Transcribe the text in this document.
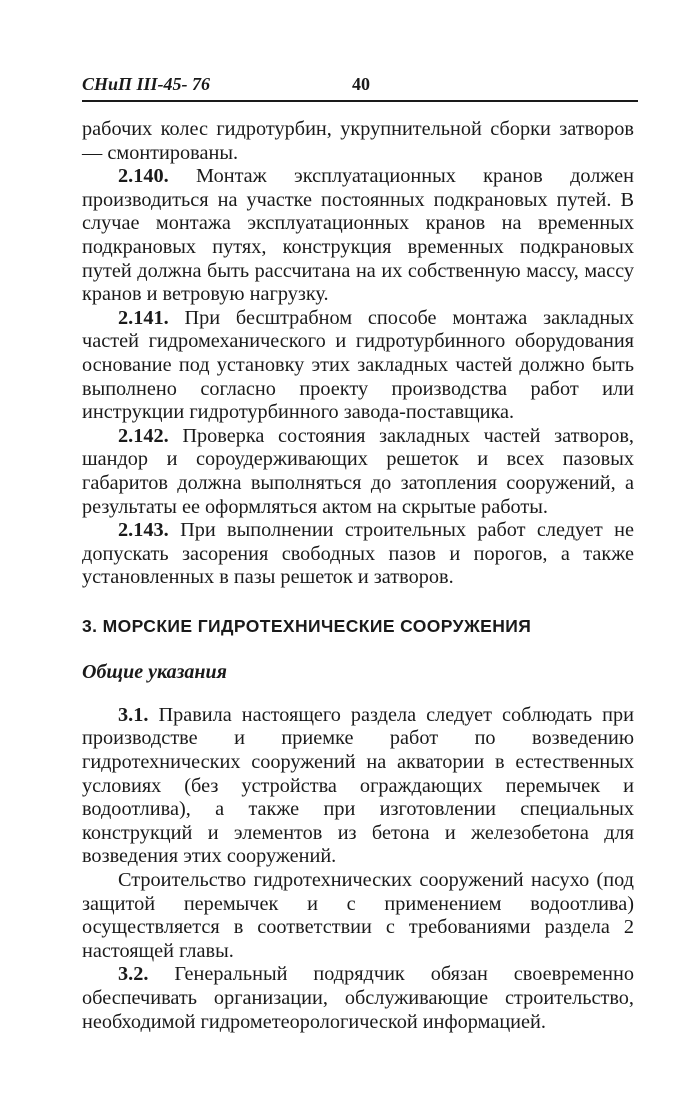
СНиП III-45- 76	40

рабочих колес гидротурбин, укрупнительной сборки затворов — смонтированы.

2.140. Монтаж эксплуатационных кранов должен производиться на участке постоянных подкрановых путей. В случае монтажа эксплуатационных кранов на временных подкрановых путях, конструкция временных подкрановых путей должна быть рассчитана на их собственную массу, массу кранов и ветровую нагрузку.

2.141. При бесштрабном способе монтажа закладных частей гидромеханического и гидротурбинного оборудования основание под установку этих закладных частей должно быть выполнено согласно проекту производства работ или инструкции гидротурбинного завода-поставщика.

2.142. Проверка состояния закладных частей затворов, шандор и сороудерживающих решеток и всех пазовых габаритов должна выполняться до затопления сооружений, а результаты ее оформляться актом на скрытые работы.

2.143. При выполнении строительных работ следует не допускать засорения свободных пазов и порогов, а также установленных в пазы решеток и затворов.

3. МОРСКИЕ ГИДРОТЕХНИЧЕСКИЕ СООРУЖЕНИЯ
Общие указания

3.1. Правила настоящего раздела следует соблюдать при производстве и приемке работ по возведению гидротехнических сооружений на акватории в естественных условиях (без устройства ограждающих перемычек и водоотлива), а также при изготовлении специальных конструкций и элементов из бетона и железобетона для возведения этих сооружений.

Строительство гидротехнических сооружений насухо (под защитой перемычек и с применением водоотлива) осуществляется в соответствии с требованиями раздела 2 настоящей главы.

3.2. Генеральный подрядчик обязан своевременно обеспечивать организации, обслуживающие строительство, необходимой гидрометеорологической информацией.
